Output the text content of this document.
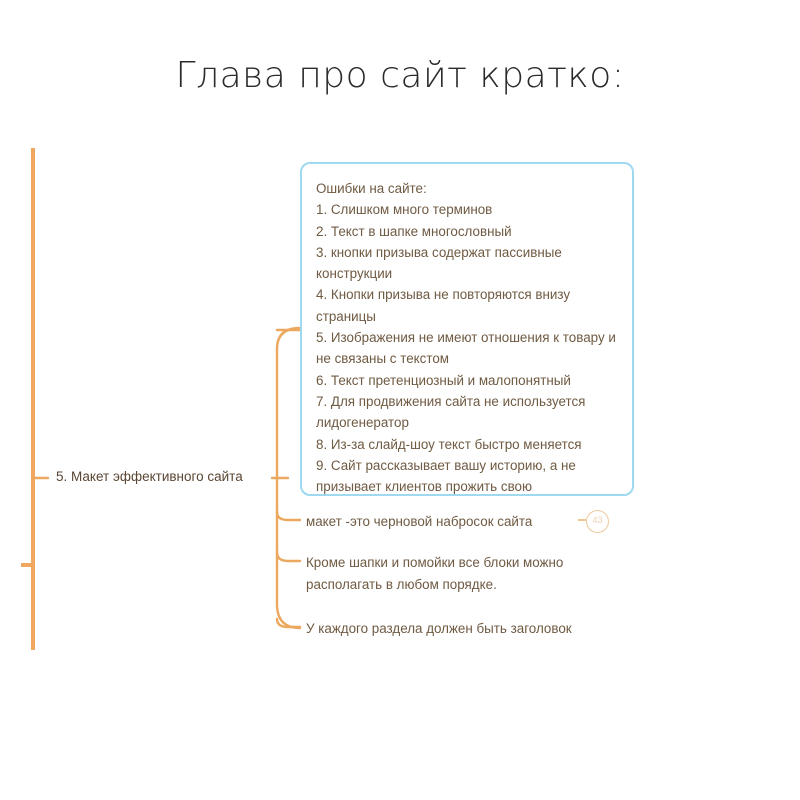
Глава про сайт кратко:
5. Макет эффективного сайта
Ошибки на сайте:
1. Слишком много терминов
2. Текст в шапке многословный
3. кнопки призыва содержат пассивные конструкции
4. Кнопки призыва не повторяются внизу страницы
5. Изображения не имеют отношения к товару и не связаны с текстом
6. Текст претенциозный и малопонятный
7. Для продвижения сайта не используется лидогенератор
8. Из-за слайд-шоу текст быстро меняется
9. Сайт рассказывает вашу историю, а не призывает клиентов прожить свою
макет -это черновой набросок сайта	43
Кроме шапки и помойки все блоки можно располагать в любом порядке.
У каждого раздела должен быть заголовок
